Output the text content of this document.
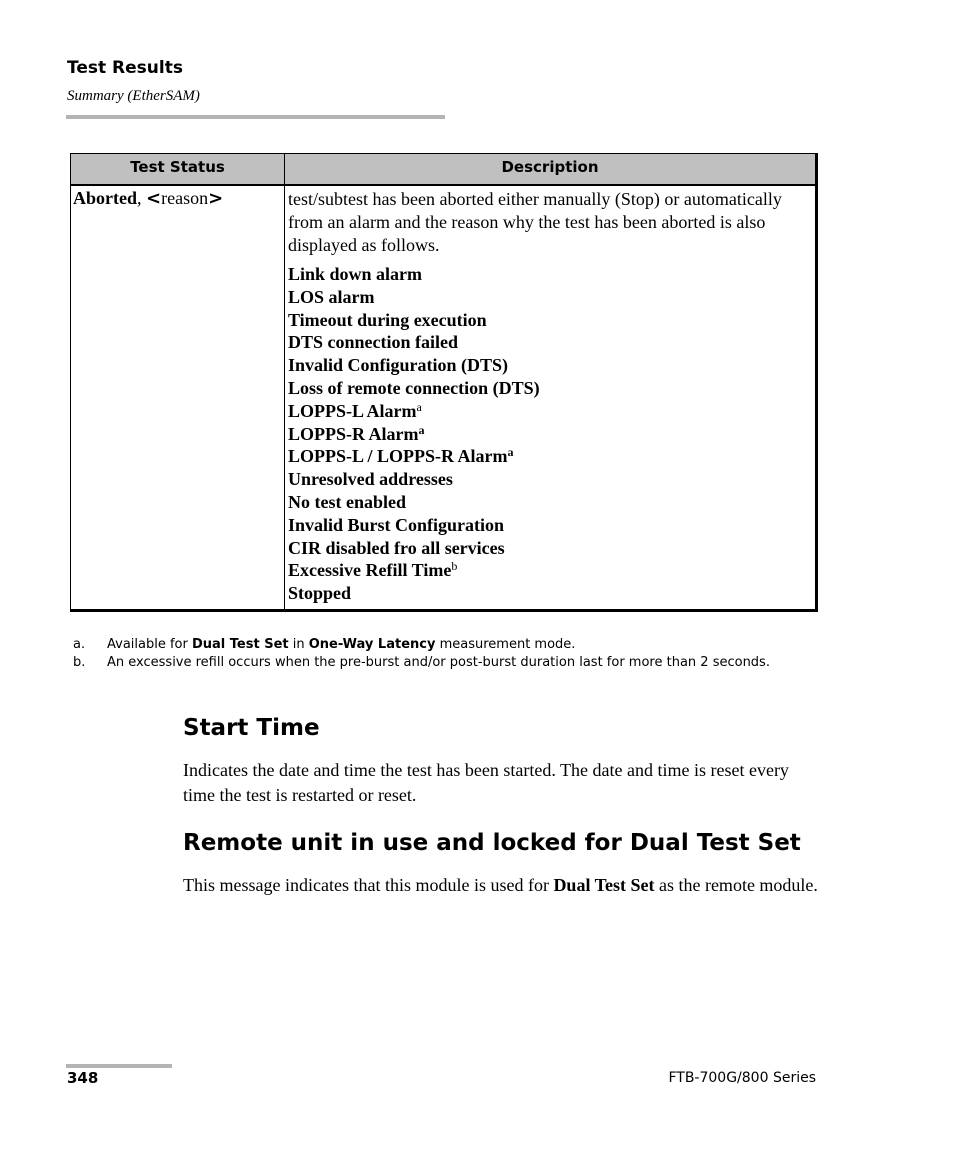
Test Results
Summary (EtherSAM)
Test Status	Description
Aborted, <reason>	test/subtest has been aborted either manually (Stop) or automatically from an alarm and the reason why the test has been aborted is also displayed as follows.
Link down alarm
LOS alarm
Timeout during execution
DTS connection failed
Invalid Configuration (DTS)
Loss of remote connection (DTS)
LOPPS-L Alarm$^a$
LOPPS-R Alarm$^a$
LOPPS-L / LOPPS-R Alarm$^a$
Unresolved addresses
No test enabled
Invalid Burst Configuration
CIR disabled fro all services
Excessive Refill Time$^b$
Stopped
a. Available for Dual Test Set in One-Way Latency measurement mode.
b. An excessive refill occurs when the pre-burst and/or post-burst duration last for more than 2 seconds.
Start Time
Indicates the date and time the test has been started. The date and time is reset every time the test is restarted or reset.
Remote unit in use and locked for Dual Test Set
This message indicates that this module is used for Dual Test Set as the remote module.
348	FTB-700G/800 Series
